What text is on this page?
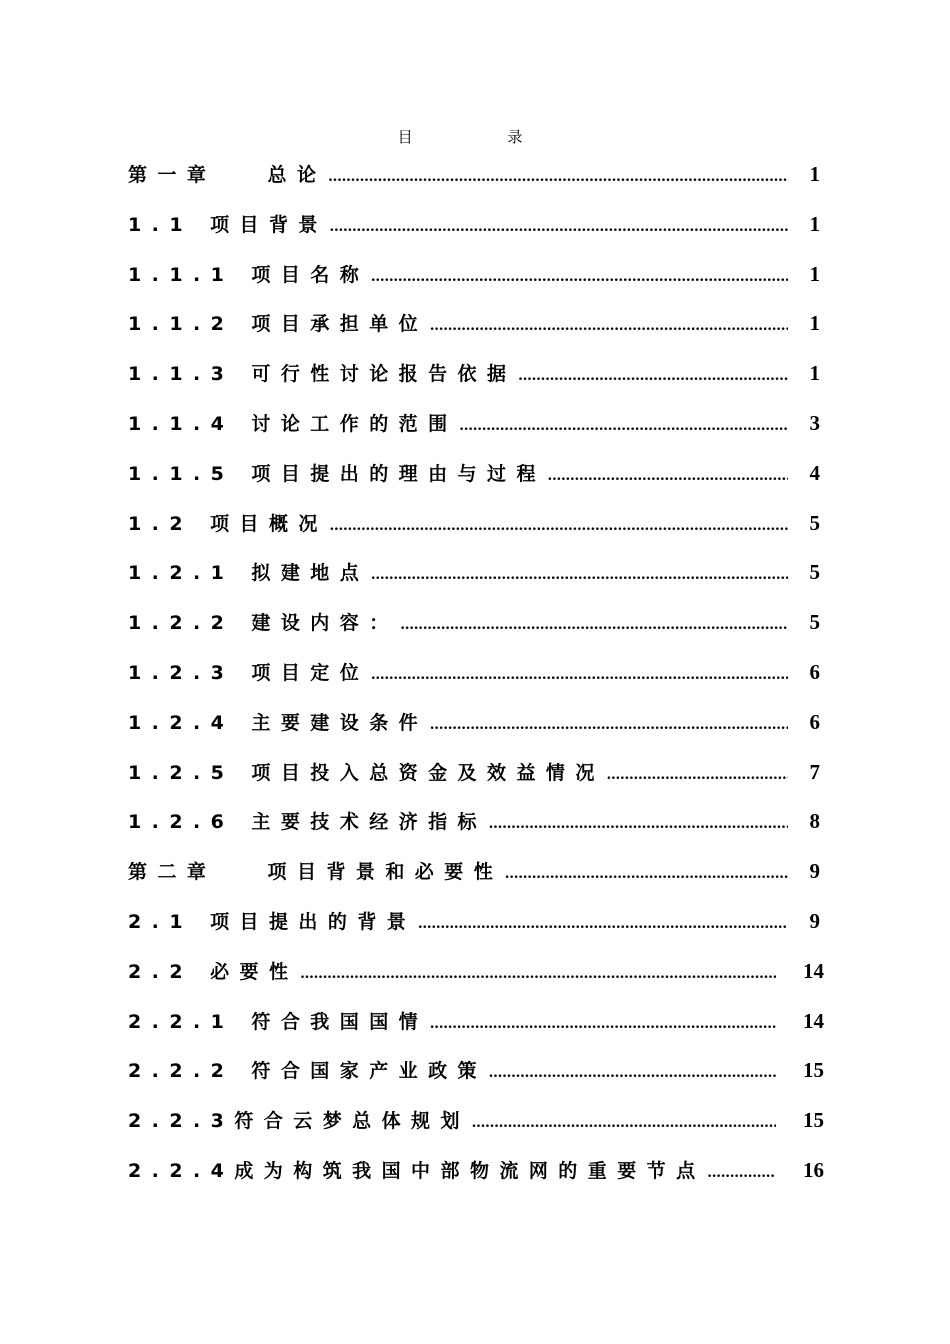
目 录
第一章   总论 .....	1
1.1 项目背景 .....	1
1.1.1 项目名称 .....	1
1.1.2 项目承担单位 .....	1
1.1.3 可行性讨论报告依据 .....	1
1.1.4 讨论工作的范围 .....	3
1.1.5 项目提出的理由与过程 .....	4
1.2 项目概况 .....	5
1.2.1 拟建地点 .....	5
1.2.2 建设内容： .....	5
1.2.3 项目定位 .....	6
1.2.4 主要建设条件 .....	6
1.2.5 项目投入总资金及效益情况 .....	7
1.2.6 主要技术经济指标 .....	8
第二章   项目背景和必要性 .....	9
2.1 项目提出的背景 .....	9
2.2 必要性 .....	14
2.2.1 符合我国国情 .....	14
2.2.2 符合国家产业政策 .....	15
2.2.3符合云梦总体规划 .....	15
2.2.4成为构筑我国中部物流网的重要节点 .....	16
